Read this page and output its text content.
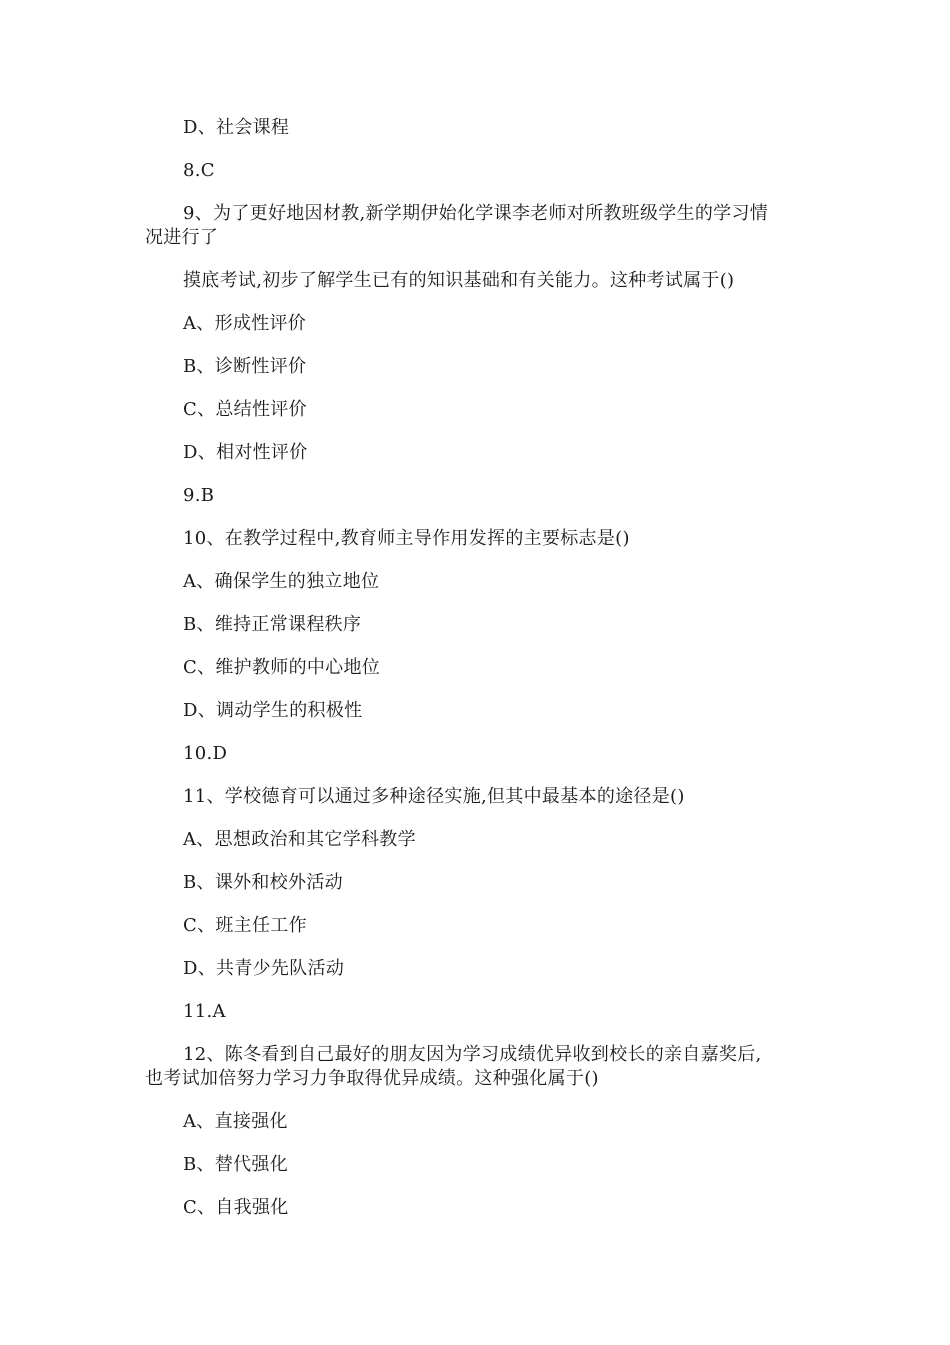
D、社会课程
8.C
9、为了更好地因材教,新学期伊始化学课李老师对所教班级学生的学习情
况进行了
摸底考试,初步了解学生已有的知识基础和有关能力。这种考试属于()
A、形成性评价
B、诊断性评价
C、总结性评价
D、相对性评价
9.B
10、在教学过程中,教育师主导作用发挥的主要标志是()
A、确保学生的独立地位
B、维持正常课程秩序
C、维护教师的中心地位
D、调动学生的积极性
10.D
11、学校德育可以通过多种途径实施,但其中最基本的途径是()
A、思想政治和其它学科教学
B、课外和校外活动
C、班主任工作
D、共青少先队活动
11.A
12、陈冬看到自己最好的朋友因为学习成绩优异收到校长的亲自嘉奖后,
也考试加倍努力学习力争取得优异成绩。这种强化属于()
A、直接强化
B、替代强化
C、自我强化
